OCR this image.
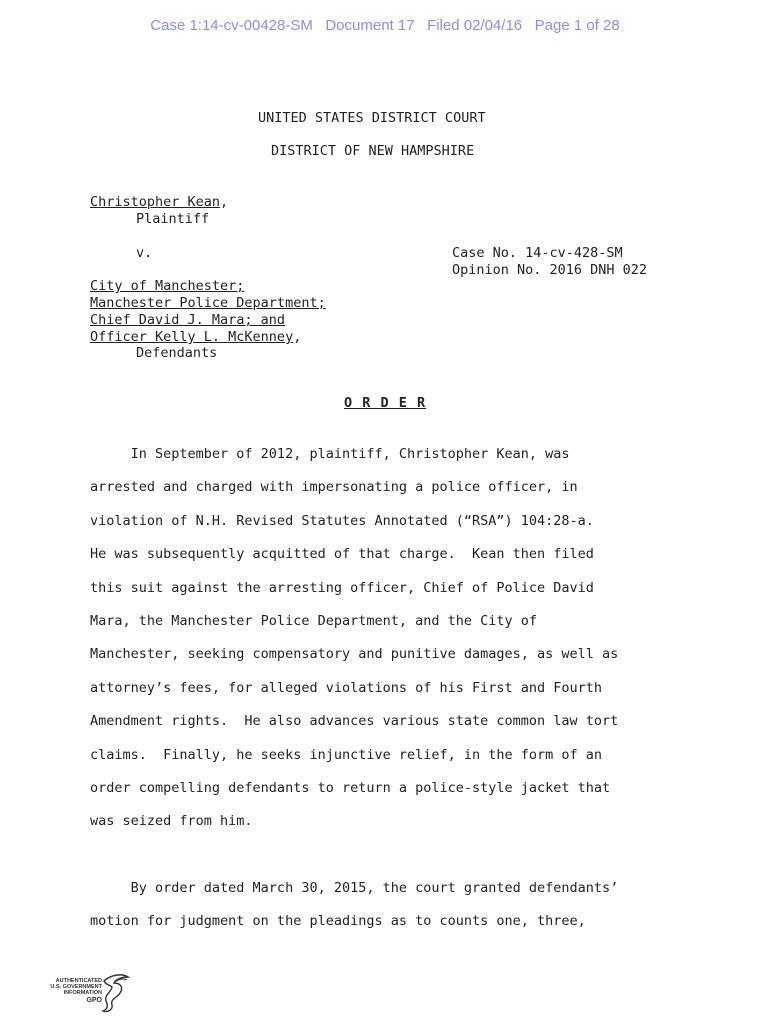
Case 1:14-cv-00428-SM   Document 17   Filed 02/04/16   Page 1 of 28
UNITED STATES DISTRICT COURT
DISTRICT OF NEW HAMPSHIRE
Christopher Kean,
Plaintiff
v.	Case No. 14-cv-428-SM
Opinion No. 2016 DNH 022
City of Manchester;
Manchester Police Department;
Chief David J. Mara; and
Officer Kelly L. McKenney,
Defendants
O R D E R
In September of 2012, plaintiff, Christopher Kean, was
arrested and charged with impersonating a police officer, in
violation of N.H. Revised Statutes Annotated (“RSA”) 104:28-a.
He was subsequently acquitted of that charge.  Kean then filed
this suit against the arresting officer, Chief of Police David
Mara, the Manchester Police Department, and the City of
Manchester, seeking compensatory and punitive damages, as well as
attorney’s fees, for alleged violations of his First and Fourth
Amendment rights.  He also advances various state common law tort
claims.  Finally, he seeks injunctive relief, in the form of an
order compelling defendants to return a police-style jacket that
was seized from him.
By order dated March 30, 2015, the court granted defendants’
motion for judgment on the pleadings as to counts one, three,
AUTHENTICATED
U.S. GOVERNMENT
INFORMATION
GPO
